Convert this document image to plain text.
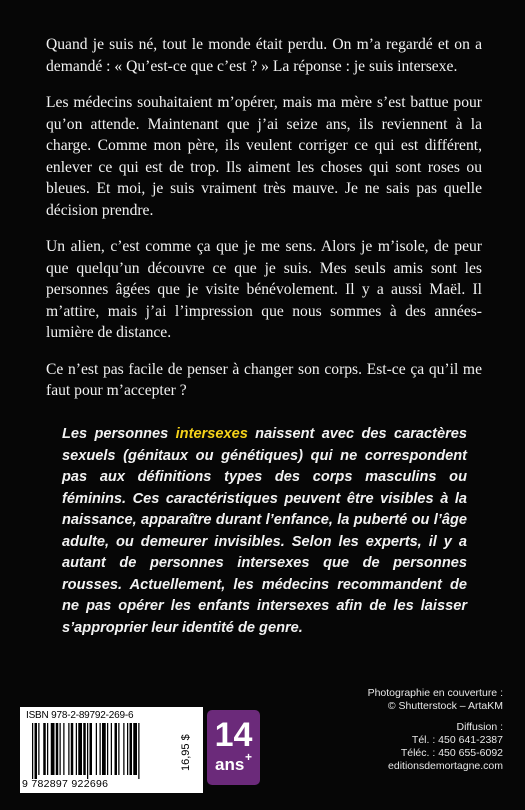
Quand je suis né, tout le monde était perdu. On m’a regardé et on a demandé : « Qu’est-ce que c’est ? » La réponse : je suis intersexe.

Les médecins souhaitaient m’opérer, mais ma mère s’est battue pour qu’on attende. Maintenant que j’ai seize ans, ils reviennent à la charge. Comme mon père, ils veulent corriger ce qui est différent, enlever ce qui est de trop. Ils aiment les choses qui sont roses ou bleues. Et moi, je suis vraiment très mauve. Je ne sais pas quelle décision prendre.

Un alien, c’est comme ça que je me sens. Alors je m’isole, de peur que quelqu’un découvre ce que je suis. Mes seuls amis sont les personnes âgées que je visite bénévolement. Il y a aussi Maël. Il m’attire, mais j’ai l’impression que nous sommes à des années-lumière de distance.

Ce n’est pas facile de penser à changer son corps. Est-ce ça qu’il me faut pour m’accepter ?

Les personnes intersexes naissent avec des caractères sexuels (génitaux ou génétiques) qui ne correspondent pas aux définitions types des corps masculins ou féminins. Ces caractéristiques peuvent être visibles à la naissance, apparaître durant l’enfance, la puberté ou l’âge adulte, ou demeurer invisibles. Selon les experts, il y a autant de personnes intersexes que de personnes rousses. Actuellement, les médecins recommandent de ne pas opérer les enfants intersexes afin de les laisser s’approprier leur identité de genre.
ISBN 978-2-89792-269-6
9 782897 922696
16,95 $ 14
ans +
Photographie en couverture :
© Shutterstock – ArtaKM
Diffusion :
Tél. : 450 641-2387
Téléc. : 450 655-6092
editionsdemortagne.com
